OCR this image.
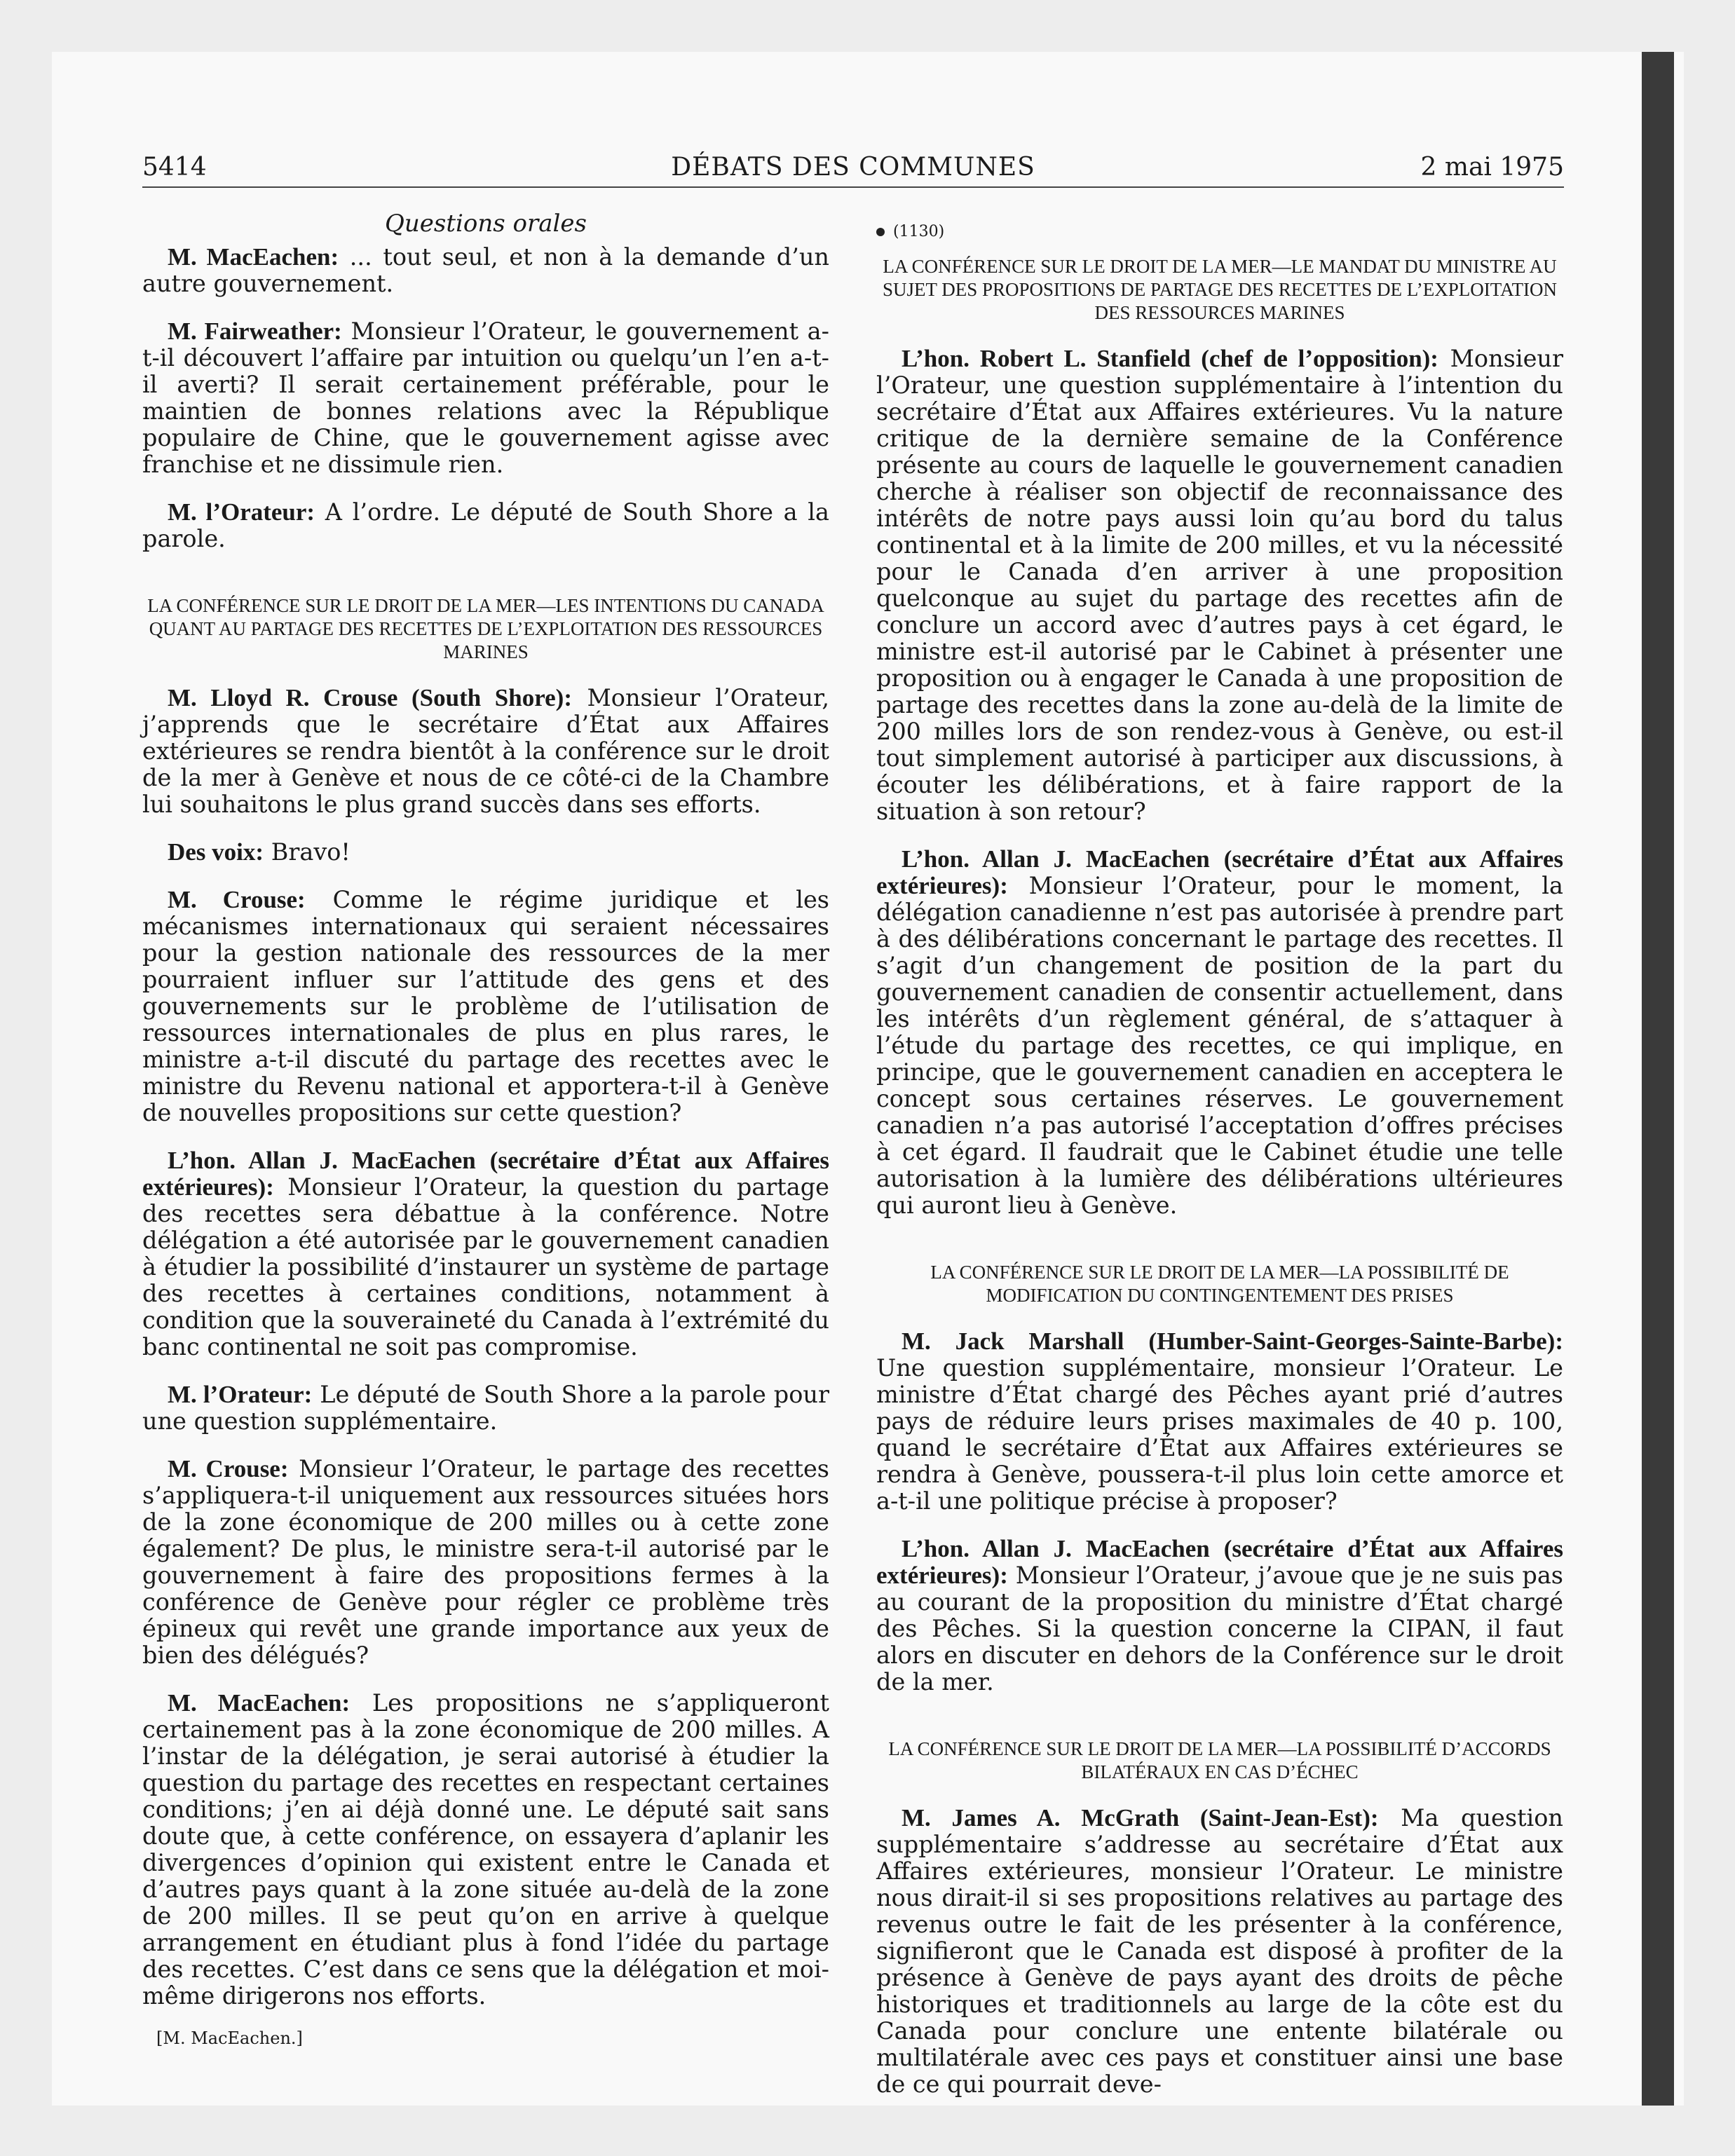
5414	DÉBATS DES COMMUNES	2 mai 1975
Questions orales

M. MacEachen: ... tout seul, et non à la demande d’un autre gouvernement.

M. Fairweather: Monsieur l’Orateur, le gouvernement a-t-il découvert l’affaire par intuition ou quelqu’un l’en a-t-il averti? Il serait certainement préférable, pour le maintien de bonnes relations avec la République populaire de Chine, que le gouvernement agisse avec franchise et ne dissimule rien.

M. l’Orateur: A l’ordre. Le député de South Shore a la parole.

LA CONFÉRENCE SUR LE DROIT DE LA MER—LES INTENTIONS DU CANADA QUANT AU PARTAGE DES RECETTES DE L’EXPLOITATION DES RESSOURCES MARINES

M. Lloyd R. Crouse (South Shore): Monsieur l’Orateur, j’apprends que le secrétaire d’État aux Affaires extérieures se rendra bientôt à la conférence sur le droit de la mer à Genève et nous de ce côté-ci de la Chambre lui souhaitons le plus grand succès dans ses efforts.

Des voix: Bravo!

M. Crouse: Comme le régime juridique et les mécanismes internationaux qui seraient nécessaires pour la gestion nationale des ressources de la mer pourraient influer sur l’attitude des gens et des gouvernements sur le problème de l’utilisation de ressources internationales de plus en plus rares, le ministre a-t-il discuté du partage des recettes avec le ministre du Revenu national et apportera-t-il à Genève de nouvelles propositions sur cette question?

L’hon. Allan J. MacEachen (secrétaire d’État aux Affaires extérieures): Monsieur l’Orateur, la question du partage des recettes sera débattue à la conférence. Notre délégation a été autorisée par le gouvernement canadien à étudier la possibilité d’instaurer un système de partage des recettes à certaines conditions, notamment à condition que la souveraineté du Canada à l’extrémité du banc continental ne soit pas compromise.

M. l’Orateur: Le député de South Shore a la parole pour une question supplémentaire.

M. Crouse: Monsieur l’Orateur, le partage des recettes s’appliquera-t-il uniquement aux ressources situées hors de la zone économique de 200 milles ou à cette zone également? De plus, le ministre sera-t-il autorisé par le gouvernement à faire des propositions fermes à la conférence de Genève pour régler ce problème très épineux qui revêt une grande importance aux yeux de bien des délégués?

M. MacEachen: Les propositions ne s’appliqueront certainement pas à la zone économique de 200 milles. A l’instar de la délégation, je serai autorisé à étudier la question du partage des recettes en respectant certaines conditions; j’en ai déjà donné une. Le député sait sans doute que, à cette conférence, on essayera d’aplanir les divergences d’opinion qui existent entre le Canada et d’autres pays quant à la zone située au-delà de la zone de 200 milles. Il se peut qu’on en arrive à quelque arrangement en étudiant plus à fond l’idée du partage des recettes. C’est dans ce sens que la délégation et moi-même dirigerons nos efforts.

[M. MacEachen.]
(1130)
LA CONFÉRENCE SUR LE DROIT DE LA MER—LE MANDAT DU MINISTRE AU SUJET DES PROPOSITIONS DE PARTAGE DES RECETTES DE L’EXPLOITATION DES RESSOURCES MARINES

L’hon. Robert L. Stanfield (chef de l’opposition): Monsieur l’Orateur, une question supplémentaire à l’intention du secrétaire d’État aux Affaires extérieures. Vu la nature critique de la dernière semaine de la Conférence présente au cours de laquelle le gouvernement canadien cherche à réaliser son objectif de reconnaissance des intérêts de notre pays aussi loin qu’au bord du talus continental et à la limite de 200 milles, et vu la nécessité pour le Canada d’en arriver à une proposition quelconque au sujet du partage des recettes afin de conclure un accord avec d’autres pays à cet égard, le ministre est-il autorisé par le Cabinet à présenter une proposition ou à engager le Canada à une proposition de partage des recettes dans la zone au-delà de la limite de 200 milles lors de son rendez-vous à Genève, ou est-il tout simplement autorisé à participer aux discussions, à écouter les délibérations, et à faire rapport de la situation à son retour?

L’hon. Allan J. MacEachen (secrétaire d’État aux Affaires extérieures): Monsieur l’Orateur, pour le moment, la délégation canadienne n’est pas autorisée à prendre part à des délibérations concernant le partage des recettes. Il s’agit d’un changement de position de la part du gouvernement canadien de consentir actuellement, dans les intérêts d’un règlement général, de s’attaquer à l’étude du partage des recettes, ce qui implique, en principe, que le gouvernement canadien en acceptera le concept sous certaines réserves. Le gouvernement canadien n’a pas autorisé l’acceptation d’offres précises à cet égard. Il faudrait que le Cabinet étudie une telle autorisation à la lumière des délibérations ultérieures qui auront lieu à Genève.

LA CONFÉRENCE SUR LE DROIT DE LA MER—LA POSSIBILITÉ DE MODIFICATION DU CONTINGENTEMENT DES PRISES

M. Jack Marshall (Humber-Saint-Georges-Sainte-Barbe): Une question supplémentaire, monsieur l’Orateur. Le ministre d’État chargé des Pêches ayant prié d’autres pays de réduire leurs prises maximales de 40 p. 100, quand le secrétaire d’État aux Affaires extérieures se rendra à Genève, poussera-t-il plus loin cette amorce et a-t-il une politique précise à proposer?

L’hon. Allan J. MacEachen (secrétaire d’État aux Affaires extérieures): Monsieur l’Orateur, j’avoue que je ne suis pas au courant de la proposition du ministre d’État chargé des Pêches. Si la question concerne la CIPAN, il faut alors en discuter en dehors de la Conférence sur le droit de la mer.

LA CONFÉRENCE SUR LE DROIT DE LA MER—LA POSSIBILITÉ D’ACCORDS BILATÉRAUX EN CAS D’ÉCHEC

M. James A. McGrath (Saint-Jean-Est): Ma question supplémentaire s’addresse au secrétaire d’État aux Affaires extérieures, monsieur l’Orateur. Le ministre nous dirait-il si ses propositions relatives au partage des revenus outre le fait de les présenter à la conférence, signifieront que le Canada est disposé à profiter de la présence à Genève de pays ayant des droits de pêche historiques et traditionnels au large de la côte est du Canada pour conclure une entente bilatérale ou multilatérale avec ces pays et constituer ainsi une base de ce qui pourrait deve-
